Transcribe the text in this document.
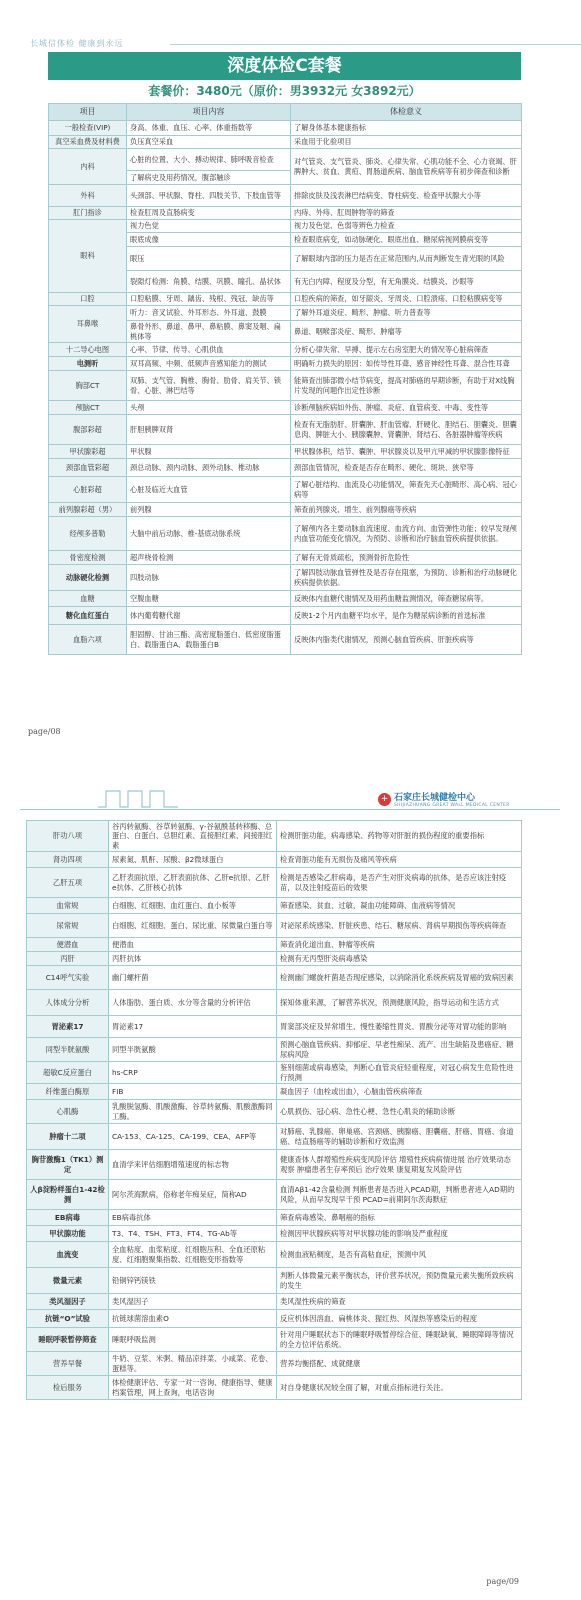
长城信体检 健康到永远
深度体检C套餐
套餐价：3480元（原价：男3932元 女3892元）
项目	项目内容	体检意义
一般检查(VIP)	身高、体重、血压、心率、体重指数等	了解身体基本健康指标
真空采血费及材料费	负压真空采血	采血用于化验项目
内科	心脏的位置、大小、搏动规律、肺呼吸音检查	对气管炎、支气管炎、肺炎、心律失常、心肌功能不全、心力衰竭、肝脾肿大、贫血、黄疸、胃肠道疾病、脑血管疾病等有初步筛查和诊断
	了解病史及用药情况，腹部触诊	
外科	头颈部、甲状腺、脊柱、四肢关节、下肢血管等	排除皮肤及浅表淋巴结病变、脊柱病变、检查甲状腺大小等
肛门指诊	检查肛周及直肠病变	内痔、外痔、肛周肿物等的筛查
眼科	视力色觉	视力及色觉、色弱等辨色力检查
	眼底成像	检查眼底病变，如动脉硬化、眼底出血、糖尿病视网膜病变等
	眼压	了解眼球内部的压力是否在正常范围内,从而判断发生青光眼的风险
	裂隙灯检测：角膜、结膜、巩膜、瞳孔、晶状体	有无白内障、程度及分型，有无角膜炎、结膜炎、沙眼等
口腔	口腔粘膜、牙周、龋齿、残根、残冠、缺齿等	口腔疾病的筛查，如牙龈炎、牙周炎、口腔溃疡、口腔粘膜病变等
耳鼻喉	听力：音叉试验、外耳形态、外耳道、鼓膜	了解外耳道炎症、畸形、肿瘤、听力普查等
	鼻骨外形、鼻道、鼻甲、鼻粘膜、鼻窦及咽、扁桃体等	鼻道、咽喉部炎症、畸形、肿瘤等
十二导心电图	心率、节律、传导、心肌供血	分析心律失常、早搏、提示左右房室肥大的情况等心脏病筛查
电测听	双耳高频、中频、低频声音感知能力的测试	明确听力损失的原因：如传导性耳聋、感音神经性耳聋、混合性耳聋
胸部CT	双肺、支气管、胸椎、胸骨、肋骨、肩关节、锁骨、心脏、淋巴结等	能筛查出肺部微小结节病变，提高对肺癌的早期诊断，有助于对X线胸片发现的问题作出定性诊断
颅脑CT	头颅	诊断颅脑疾病如外伤、肿瘤、炎症、血管病变、中毒、变性等
腹部彩超	肝胆胰脾双肾	检查有无脂肪肝、肝囊肿、肝血管瘤、肝硬化、胆结石、胆囊炎、胆囊息肉、脾脏大小、胰腺囊肿、肾囊肿、肾结石、各脏器肿瘤等疾病
甲状腺彩超	甲状腺	甲状腺体积，结节、囊肿、甲状腺炎以及甲亢甲减的甲状腺影像特征
颈部血管彩超	颈总动脉、颈内动脉、颈外动脉、椎动脉	颈部血管情况，检查是否存在畸形、硬化、斑块、狭窄等
心脏彩超	心脏及临近大血管	了解心脏结构、血流及心功能情况，筛查先天心脏畸形、高心病、冠心病等
前列腺彩超（男）	前列腺	筛查前列腺炎、增生、前列腺癌等疾病
经颅多普勒	大脑中前后动脉、椎-基底动脉系统	了解颅内各主要动脉血流速度、血流方向、血管弹性功能；较早发现颅内血管功能变化情况，为预防、诊断和治疗脑血管疾病提供依据。
骨密度检测	超声桡骨检测	了解有无骨质疏松，预测骨折危险性
动脉硬化检测	四肢动脉	了解四肢动脉血管弹性及是否存在阻塞，为预防、诊断和治疗动脉硬化疾病提供依据。
血糖	空腹血糖	反映体内血糖代谢情况及用药血糖监测情况，筛查糖尿病等。
糖化血红蛋白	体内葡萄糖代谢	反映1-2个月内血糖平均水平，是作为糖尿病诊断的首选标准
血脂六项	胆固醇、甘油三酯、高密度脂蛋白、低密度脂蛋白、载脂蛋白A、载脂蛋白B	反映体内脂类代谢情况，预测心脑血管疾病、肝脏疾病等
page/08
+ 石家庄长城健检中心
SHIJIAZHUANG GREAT WALL MEDICAL CENTER
肝功八项	谷丙转氨酶、谷草转氨酶、γ-谷氨酰基转移酶、总蛋白、白蛋白、总胆红素、直接胆红素、间接胆红素	检测肝脏功能，病毒感染、药物等对肝脏的损伤程度的重要指标
肾功四项	尿素氮、肌酐、尿酸、β2微球蛋白	检查肾脏功能有无损伤及痛风等疾病
乙肝五项	乙肝表面抗原、乙肝表面抗体、乙肝e抗原、乙肝e抗体、乙肝核心抗体	检测是否感染乙肝病毒，是否产生对肝炎病毒的抗体，是否应该注射疫苗，以及注射疫苗后的效果
血常规	白细胞、红细胞、血红蛋白、血小板等	筛查感染、贫血、过敏、凝血功能障碍、血液病等情况
尿常规	白细胞、红细胞、蛋白、尿比重、尿微量白蛋白等	对泌尿系统感染、肝脏疾患、结石、糖尿病、肾病早期损伤等疾病筛查
便潜血	便潜血	筛查消化道出血、肿瘤等疾病
丙肝	丙肝抗体	检测有无丙型肝炎病毒感染
C14呼气实验	幽门螺杆菌	检测幽门螺旋杆菌是否现症感染，以消除消化系统疾病及胃癌的致病因素
人体成分分析	人体脂肪、蛋白质、水分等含量的分析评估	探知体重来源，了解营养状况，预测健康风险，指导运动和生活方式
胃泌素17	胃泌素17	胃窦部炎症及异常增生、慢性萎缩性胃炎、胃酸分泌等对胃功能的影响
同型半胱氨酸	同型半胱氨酸	预测心脑血管疾病、抑郁症、早老性痴呆、流产、出生缺陷及患癌症、糖尿病风险
超敏C反应蛋白	hs-CRP	鉴别细菌或病毒感染，判断心血管炎症轻重程度，对冠心病发生危险性进行预测
纤维蛋白酶原	FIB	凝血因子（血栓或出血），心脑血管疾病筛查
心肌酶	乳酸脱氢酶、肌酸激酶、谷草转氨酶、肌酸激酶同工酶。	心肌损伤、冠心病、急性心梗、急性心肌炎的辅助诊断
肿瘤十二项	CA-153、CA-125、CA-199、CEA、AFP等	对肺癌、乳腺癌、卵巢癌、宫颈癌、胰腺癌、胆囊癌、肝癌、胃癌、食道癌、结直肠癌等的辅助诊断和疗效监测
胸苷激酶1（TK1）测定	血清学来评估细胞增殖速度的标志物	健康查体人群增殖性疾病变风险评估 增殖性疾病病情进展 治疗效果动态观察 肿瘤患者生存率预后 治疗效果 康复期复发风险评估
人β淀粉样蛋白1-42检测	阿尔茨海默病，俗称老年痴呆症，简称AD	血清Aβ1-42含量检测 判断患者是否进入PCAD期，判断患者进入AD期的风险，从而早发现早干预 PCAD=前期阿尔茨海默症
EB病毒	EB病毒抗体	筛查病毒感染、鼻咽癌的指标
甲状腺功能	T3、T4、TSH、FT3、FT4、TG-Ab等	检测因甲状腺疾病等对甲状腺功能的影响及严重程度
血流变	全血粘度、血浆粘度、红细胞压积、全血还原粘度、红细胞聚集指数、红细胞变形指数等	检测血液粘稠度，是否有高粘血症，预测中风
微量元素	铅铜锌钙镁铁	判断人体微量元素平衡状态，评价营养状况，预防微量元素失衡所致疾病的发生
类风湿因子	类风湿因子	类风湿性疾病的筛查
抗链“O”试验	抗链球菌溶血素O	反应机体因溶血、扁桃体炎、猩红热、风湿热等感染后的程度
睡眠呼吸暂停筛查	睡眠呼吸监测	针对用户睡眠状态下的睡眠呼吸暂停综合征、睡眠缺氧、睡眠障碍等情况的全方位评估系统。
营养早餐	牛奶、豆浆、米粥、精品凉拌菜、小咸菜、花卷、蛋糕等。	营养均衡搭配、成就健康
检后服务	体检健康评估、专家一对一咨询、健康指导、健康档案管理，网上查询，电话咨询	对自身健康状况较全面了解，对重点指标进行关注。
page/09
